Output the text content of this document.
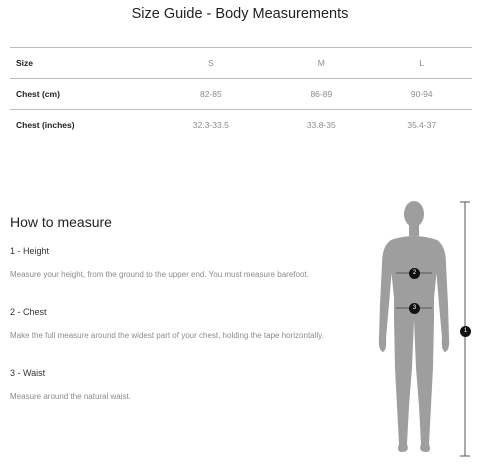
Size Guide - Body Measurements
Size	S	M	L
Chest (cm)	82-85	86-89	90-94
Chest (inches)	32.3-33.5	33.8-35	35.4-37
How to measure
1 - Height
Measure your height, from the ground to the upper end. You must measure barefoot.
2 - Chest
Make the full measure around the widest part of your chest, holding the tape horizontally.
3 - Waist
Measure around the natural waist.
1
2
3
